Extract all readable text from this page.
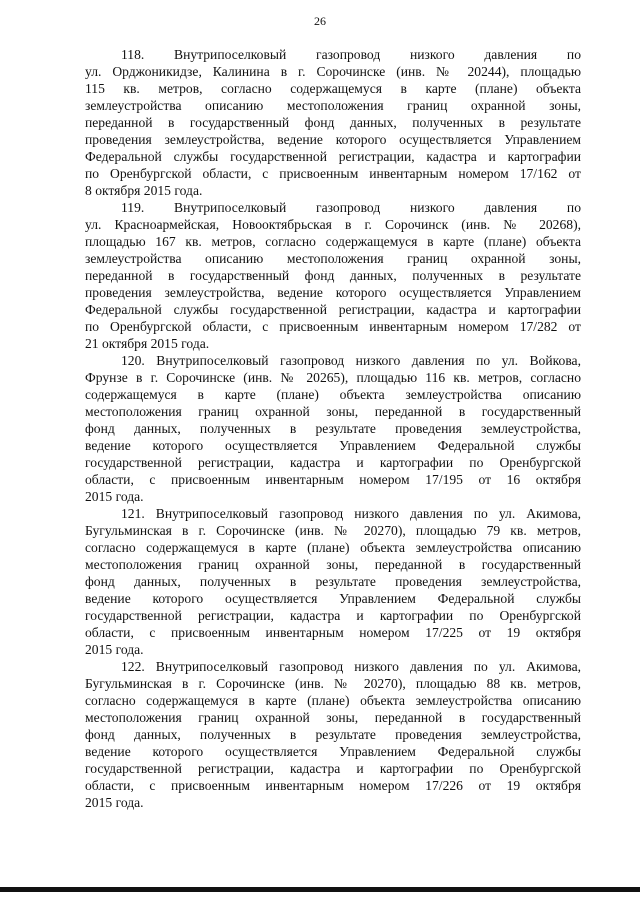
26
118. Внутрипоселковый газопровод низкого давления по
ул. Орджоникидзе, Калинина в г. Сорочинске (инв. № 20244), площадью
115 кв. метров, согласно содержащемуся в карте (плане) объекта
землеустройства описанию местоположения границ охранной зоны,
переданной в государственный фонд данных, полученных в результате
проведения землеустройства, ведение которого осуществляется Управлением
Федеральной службы государственной регистрации, кадастра и картографии
по Оренбургской области, с присвоенным инвентарным номером 17/162 от
8 октября 2015 года.
119. Внутрипоселковый газопровод низкого давления по
ул. Красноармейская, Новооктябрьская в г. Сорочинск (инв. № 20268),
площадью 167 кв. метров, согласно содержащемуся в карте (плане) объекта
землеустройства описанию местоположения границ охранной зоны,
переданной в государственный фонд данных, полученных в результате
проведения землеустройства, ведение которого осуществляется Управлением
Федеральной службы государственной регистрации, кадастра и картографии
по Оренбургской области, с присвоенным инвентарным номером 17/282 от
21 октября 2015 года.
120. Внутрипоселковый газопровод низкого давления по ул. Войкова,
Фрунзе в г. Сорочинске (инв. № 20265), площадью 116 кв. метров, согласно
содержащемуся в карте (плане) объекта землеустройства описанию
местоположения границ охранной зоны, переданной в государственный
фонд данных, полученных в результате проведения землеустройства,
ведение которого осуществляется Управлением Федеральной службы
государственной регистрации, кадастра и картографии по Оренбургской
области, с присвоенным инвентарным номером 17/195 от 16 октября
2015 года.
121. Внутрипоселковый газопровод низкого давления по ул. Акимова,
Бугульминская в г. Сорочинске (инв. № 20270), площадью 79 кв. метров,
согласно содержащемуся в карте (плане) объекта землеустройства описанию
местоположения границ охранной зоны, переданной в государственный
фонд данных, полученных в результате проведения землеустройства,
ведение которого осуществляется Управлением Федеральной службы
государственной регистрации, кадастра и картографии по Оренбургской
области, с присвоенным инвентарным номером 17/225 от 19 октября
2015 года.
122. Внутрипоселковый газопровод низкого давления по ул. Акимова,
Бугульминская в г. Сорочинске (инв. № 20270), площадью 88 кв. метров,
согласно содержащемуся в карте (плане) объекта землеустройства описанию
местоположения границ охранной зоны, переданной в государственный
фонд данных, полученных в результате проведения землеустройства,
ведение которого осуществляется Управлением Федеральной службы
государственной регистрации, кадастра и картографии по Оренбургской
области, с присвоенным инвентарным номером 17/226 от 19 октября
2015 года.
